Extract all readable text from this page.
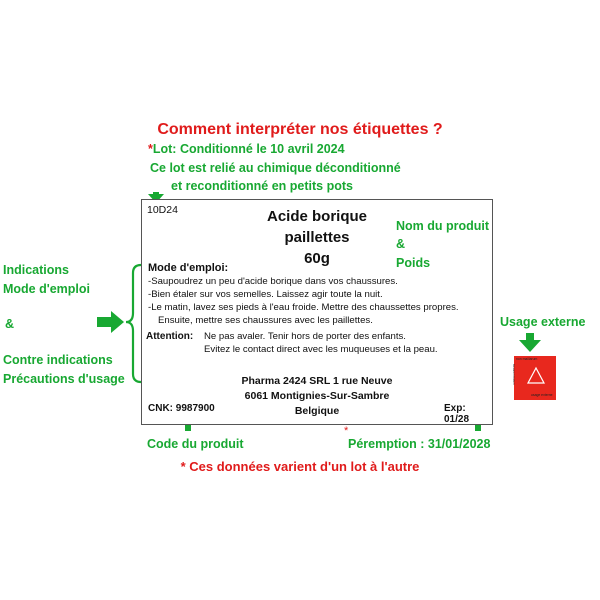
Comment interpréter nos étiquettes ?
*Lot: Conditionné le 10 avril 2024
Ce lot est relié au chimique déconditionné
et reconditionné en petits pots
10D24	Acide borique
paillettes
60g
Mode d'emploi:
-Saupoudrez un peu d'acide borique dans vos chaussures.
-Bien étaler sur vos semelles. Laissez agir toute la nuit.
-Le matin, lavez ses pieds à l'eau froide. Mettre des chaussettes propres.
Ensuite, mettre ses chaussures avec les paillettes.
Attention: Ne pas avaler. Tenir hors de porter des enfants.
Evitez le contact direct avec les muqueuses et la peau.
Pharma 2424 SRL 1 rue Neuve
6061 Montignies-Sur-Sambre
Belgique
CNK: 9987900	Exp: 01/28
Nom du produit
&
Poids
Indications
Mode d'emploi
&
Contre indications
Précautions d'usage
Usage externe
non maillarum
bewaren buiten
usage externe
Code du produit
*
Péremption : 31/01/2028
* Ces données varient d'un lot à l'autre
